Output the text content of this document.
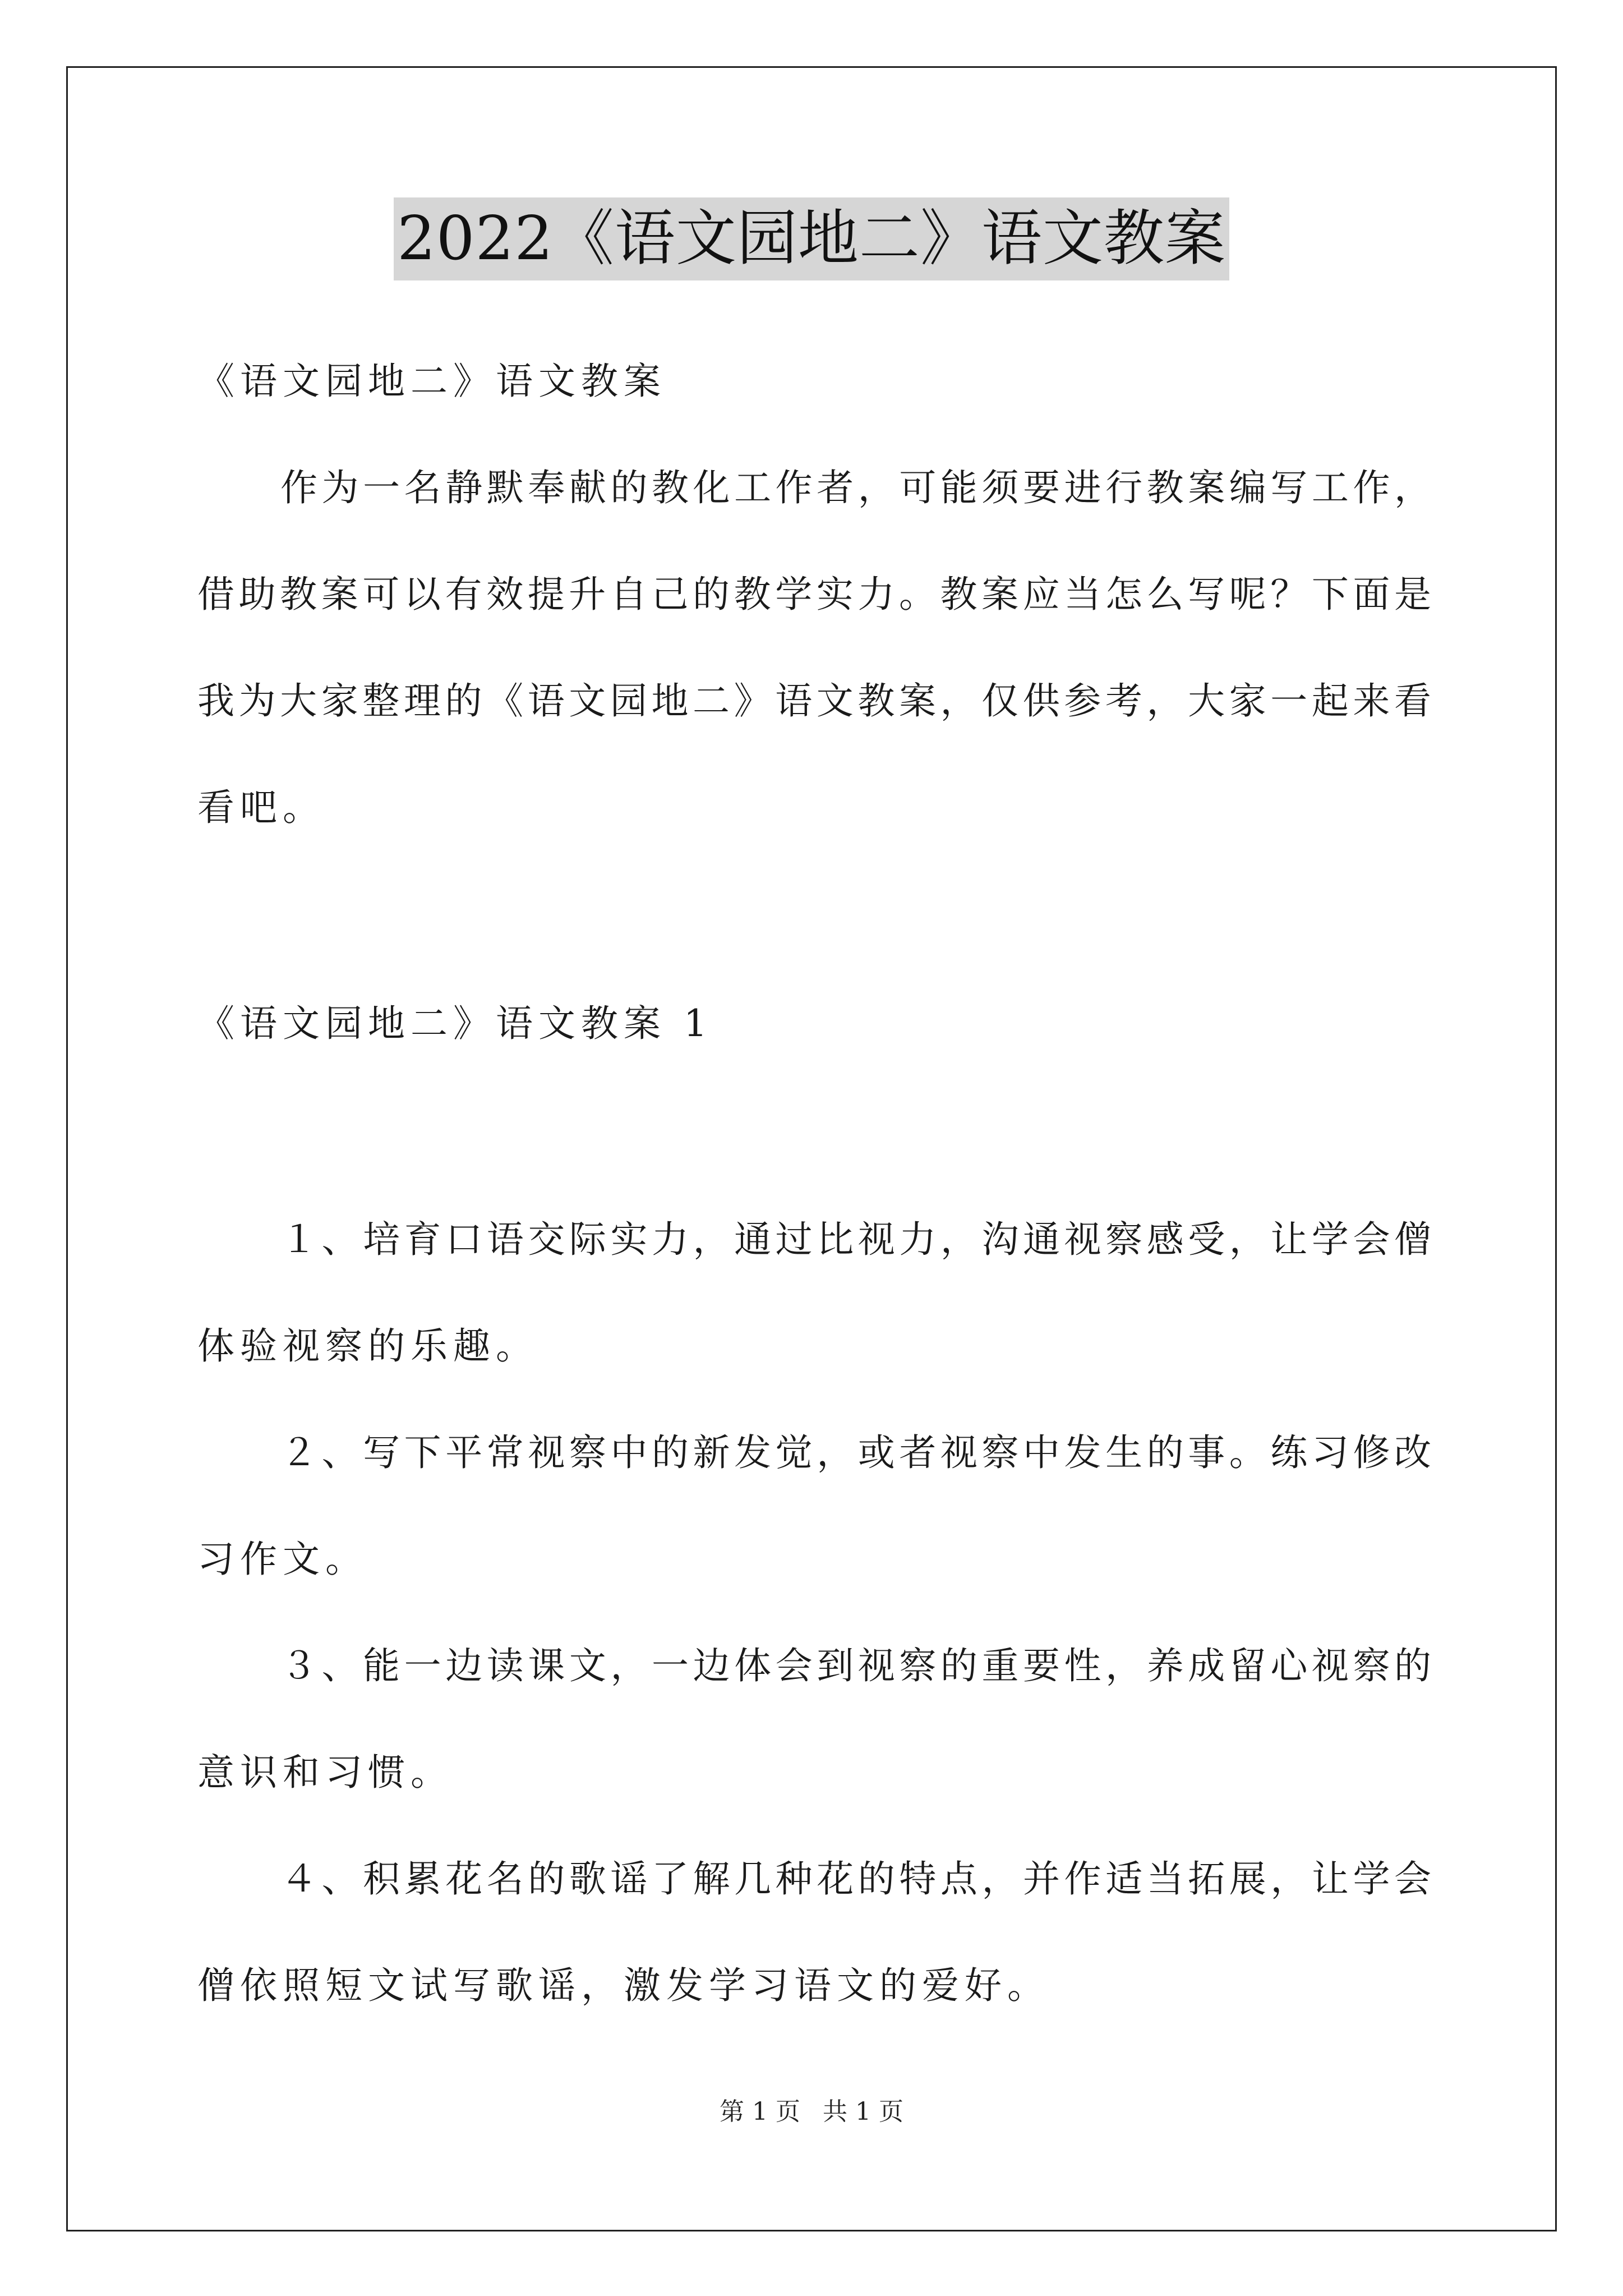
2022《语文园地二》语文教案
《语文园地二》语文教案
作为一名静默奉献的教化工作者，可能须要进行教案编写工作，
借助教案可以有效提升自己的教学实力。教案应当怎么写呢？下面是
我为大家整理的《语文园地二》语文教案，仅供参考，大家一起来看
看吧。
《语文园地二》语文教案 1
１、培育口语交际实力，通过比视力，沟通视察感受，让学会僧
体验视察的乐趣。
２、写下平常视察中的新发觉，或者视察中发生的事。练习修改
习作文。
３、能一边读课文，一边体会到视察的重要性，养成留心视察的
意识和习惯。
４、积累花名的歌谣了解几种花的特点，并作适当拓展，让学会
僧依照短文试写歌谣，激发学习语文的爱好。
第 1 页 共 1 页
